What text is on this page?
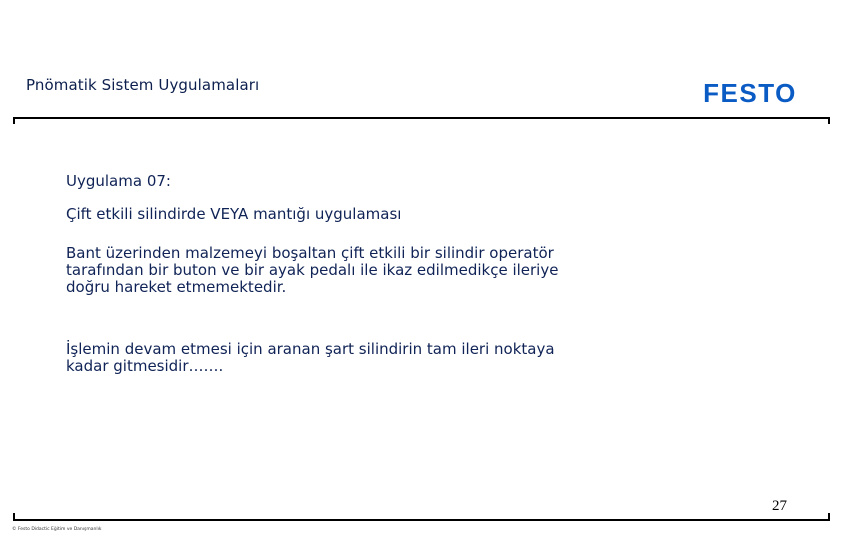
Pnömatik Sistem Uygulamaları	FESTO

Uygulama 07:

Çift etkili silindirde VEYA mantığı uygulaması

Bant üzerinden malzemeyi boşaltan çift etkili bir silindir operatör
tarafından bir buton ve bir ayak pedalı ile ikaz edilmedikçe ileriye
doğru hareket etmemektedir.

İşlemin devam etmesi için aranan şart silindirin tam ileri noktaya
kadar gitmesidir…….

27
© Festo Didactic Eğitim ve Danışmanlık
